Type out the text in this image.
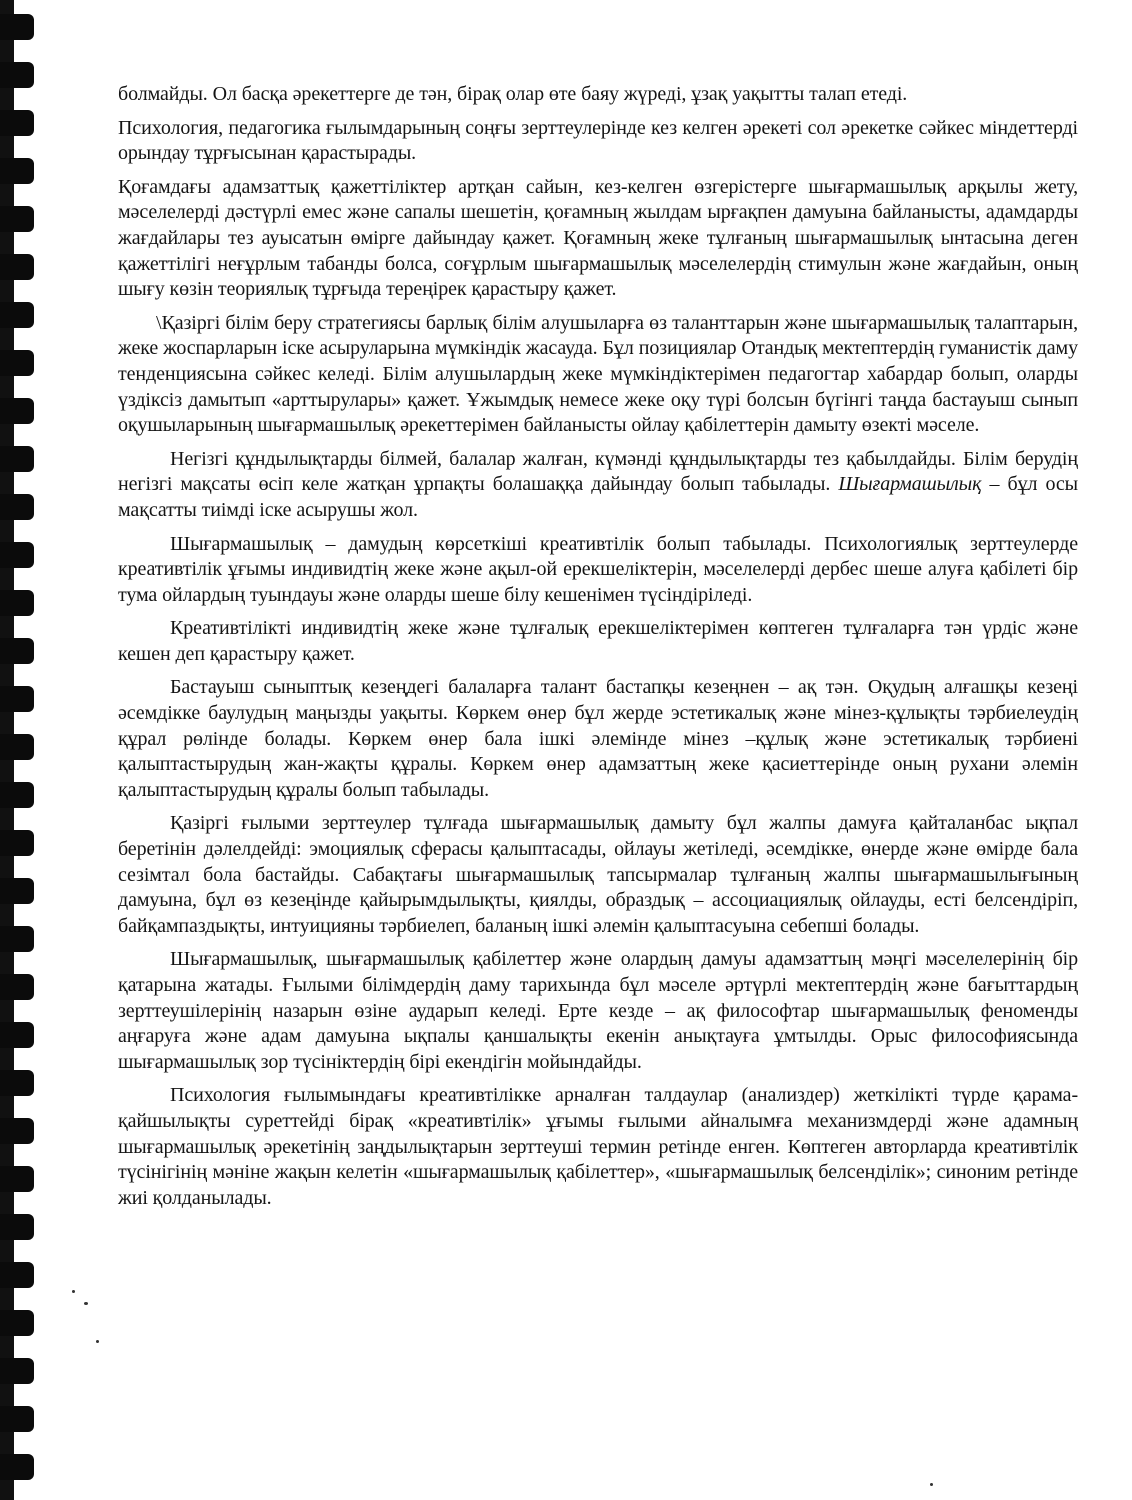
болмайды. Ол басқа әрекеттерге де тән, бірақ олар өте баяу жүреді, ұзақ уақытты талап етеді.

Психология, педагогика ғылымдарының соңғы зерттеулерінде кез келген әрекеті сол әрекетке сәйкес міндеттерді орындау тұрғысынан қарастырады.

Қоғамдағы адамзаттық қажеттіліктер артқан сайын, кез-келген өзгерістерге шығармашылық арқылы жету, мәселелерді дәстүрлі емес және сапалы шешетін, қоғамның жылдам ырғақпен дамуына байланысты, адамдарды жағдайлары тез ауысатын өмірге дайындау қажет. Қоғамның жеке тұлғаның шығармашылық ынтасына деген қажеттілігі неғұрлым табанды болса, соғұрлым шығармашылық мәселелердің стимулын және жағдайын, оның шығу көзін теориялық тұрғыда тереңірек қарастыру қажет.

\Қазіргі білім беру стратегиясы барлық білім алушыларға өз таланттарын және шығармашылық талаптарын, жеке жоспарларын іске асыруларына мүмкіндік жасауда. Бұл позициялар Отандық мектептердің гуманистік даму тенденциясына сәйкес келеді. Білім алушылардың жеке мүмкіндіктерімен педагогтар хабардар болып, оларды үздіксіз дамытып «арттырулары» қажет. Ұжымдық немесе жеке оқу түрі болсын бүгінгі таңда бастауыш сынып оқушыларының шығармашылық әрекеттерімен байланысты ойлау қабілеттерін дамыту өзекті мәселе.

Негізгі құндылықтарды білмей, балалар жалған, күмәнді құндылықтарды тез қабылдайды. Білім берудің негізгі мақсаты өсіп келе жатқан ұрпақты болашаққа дайындау болып табылады. Шығармашылық – бұл осы мақсатты тиімді іске асырушы жол.

Шығармашылық – дамудың көрсеткіші креативтілік болып табылады. Психологиялық зерттеулерде креативтілік ұғымы индивидтің жеке және ақыл-ой ерекшеліктерін, мәселелерді дербес шеше алуға қабілеті бір тума ойлардың туындауы және оларды шеше білу кешенімен түсіндіріледі.

Креативтілікті индивидтің жеке және тұлғалық ерекшеліктерімен көптеген тұлғаларға тән үрдіс және кешен деп қарастыру қажет.

Бастауыш сыныптық кезеңдегі балаларға талант бастапқы кезеңнен – ақ тән. Оқудың алғашқы кезеңі әсемдікке баулудың маңызды уақыты. Көркем өнер бұл жерде эстетикалық және мінез-құлықты тәрбиелеудің құрал рөлінде болады. Көркем өнер бала ішкі әлемінде мінез –құлық және эстетикалық тәрбиені қалыптастырудың жан-жақты құралы. Көркем өнер адамзаттың жеке қасиеттерінде оның рухани әлемін қалыптастырудың құралы болып табылады.

Қазіргі ғылыми зерттеулер тұлғада шығармашылық дамыту бұл жалпы дамуға қайталанбас ықпал беретінін дәлелдейді: эмоциялық сферасы қалыптасады, ойлауы жетіледі, әсемдікке, өнерде және өмірде бала сезімтал бола бастайды. Сабақтағы шығармашылық тапсырмалар тұлғаның жалпы шығармашылығының дамуына, бұл өз кезеңінде қайырымдылықты, қиялды, образдық – ассоциациялық ойлауды, есті белсендіріп, байқампаздықты, интуицияны тәрбиелеп, баланың ішкі әлемін қалыптасуына себепші болады.

Шығармашылық, шығармашылық қабілеттер және олардың дамуы адамзаттың мәңгі мәселелерінің бір қатарына жатады. Ғылыми білімдердің даму тарихында бұл мәселе әртүрлі мектептердің және бағыттардың зерттеушілерінің назарын өзіне аударып келеді. Ерте кезде – ақ философтар шығармашылық феноменды аңғаруға және адам дамуына ықпалы қаншалықты екенін анықтауға ұмтылды. Орыс философиясында шығармашылық зор түсініктердің бірі екендігін мойындайды.

Психология ғылымындағы креативтілікке арналған талдаулар (анализдер) жеткілікті түрде қарама-қайшылықты суреттейді бірақ «креативтілік» ұғымы ғылыми айналымға механизмдерді және адамның шығармашылық әрекетінің заңдылықтарын зерттеуші термин ретінде енген. Көптеген авторларда креативтілік түсінігінің мәніне жақын келетін «шығармашылық қабілеттер», «шығармашылық белсенділік»; синоним ретінде жиі қолданылады.
